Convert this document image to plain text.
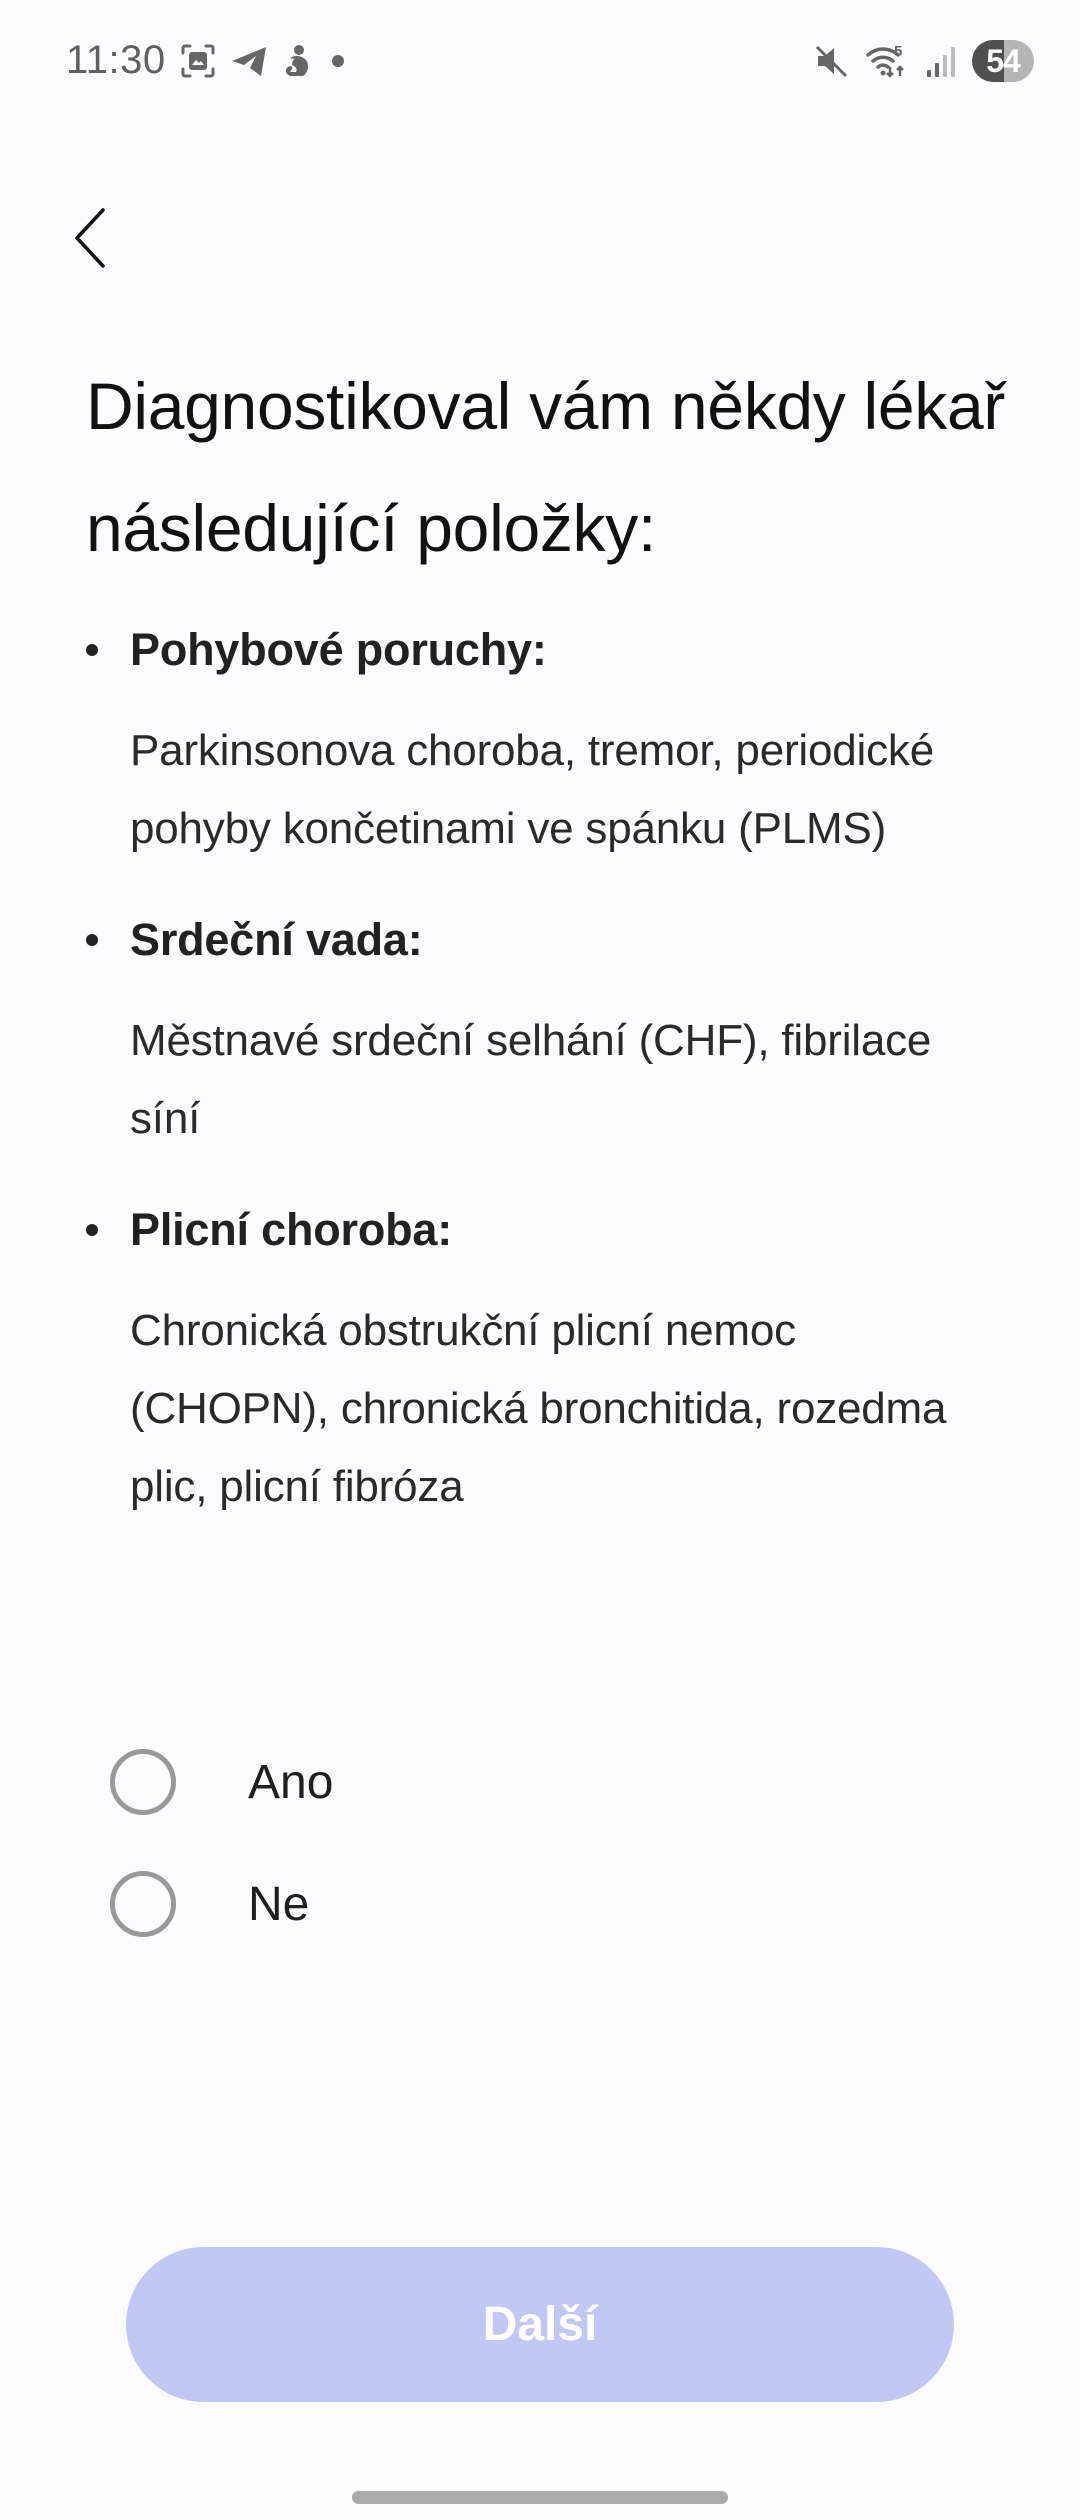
11:30	5	54
Diagnostikoval vám někdy lékař následující položky:
Pohybové poruchy:
Parkinsonova choroba, tremor, periodické pohyby končetinami ve spánku (PLMS)
Srdeční vada:
Městnavé srdeční selhání (CHF), fibrilace síní
Plicní choroba:
Chronická obstrukční plicní nemoc (CHOPN), chronická bronchitida, rozedma plic, plicní fibróza
Ano
Ne
Další
